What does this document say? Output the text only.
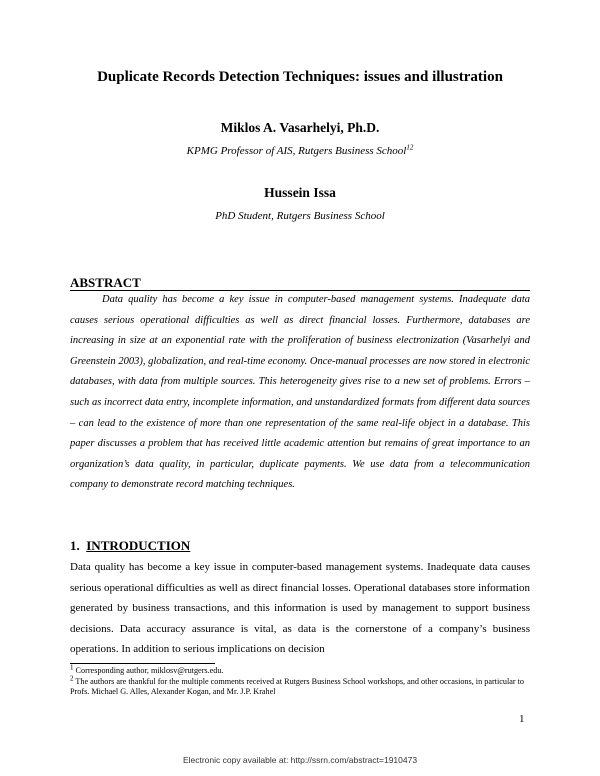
Duplicate Records Detection Techniques: issues and illustration
Miklos A. Vasarhelyi, Ph.D.
KPMG Professor of AIS, Rutgers Business School$^{12}$
Hussein Issa
PhD Student, Rutgers Business School
ABSTRACT
Data quality has become a key issue in computer-based management systems. Inadequate data causes serious operational difficulties as well as direct financial losses. Furthermore, databases are increasing in size at an exponential rate with the proliferation of business electronization (Vasarhelyi and Greenstein 2003), globalization, and real-time economy. Once-manual processes are now stored in electronic databases, with data from multiple sources. This heterogeneity gives rise to a new set of problems. Errors – such as incorrect data entry, incomplete information, and unstandardized formats from different data sources – can lead to the existence of more than one representation of the same real-life object in a database. This paper discusses a problem that has received little academic attention but remains of great importance to an organization’s data quality, in particular, duplicate payments. We use data from a telecommunication company to demonstrate record matching techniques.
1. INTRODUCTION
Data quality has become a key issue in computer-based management systems. Inadequate data causes serious operational difficulties as well as direct financial losses. Operational databases store information generated by business transactions, and this information is used by management to support business decisions. Data accuracy assurance is vital, as data is the cornerstone of a company’s business operations. In addition to serious implications on decision

$^1$ Corresponding author, miklosv@rutgers.edu.

$^2$ The authors are thankful for the multiple comments received at Rutgers Business School workshops, and other occasions, in particular to Profs. Michael G. Alles, Alexander Kogan, and Mr. J.P. Krahel

1
Electronic copy available at: http://ssrn.com/abstract=1910473
